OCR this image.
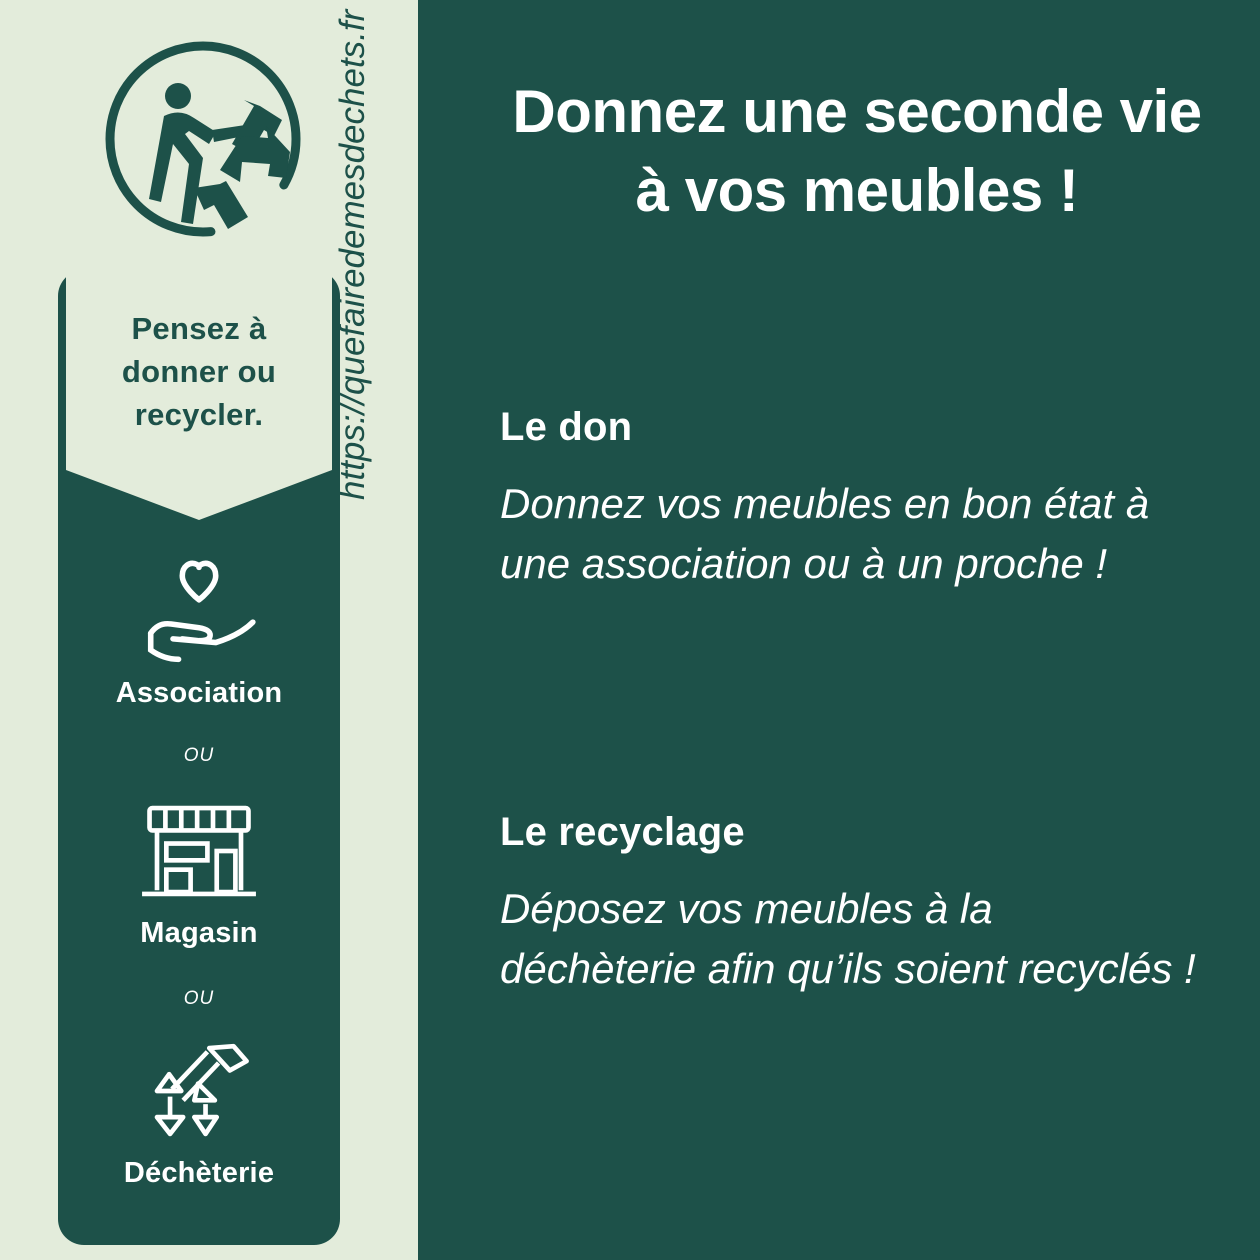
Pensez à
donner ou
recycler.
Association
OU
Magasin
OU
Déchèterie
https://quefairedemesdechets.fr	Donnez une seconde vie
à vos meubles !
Le don
Donnez vos meubles en bon état à une association ou à un proche !
Le recyclage
Déposez vos meubles à la déchèterie afin qu’ils soient recyclés !
